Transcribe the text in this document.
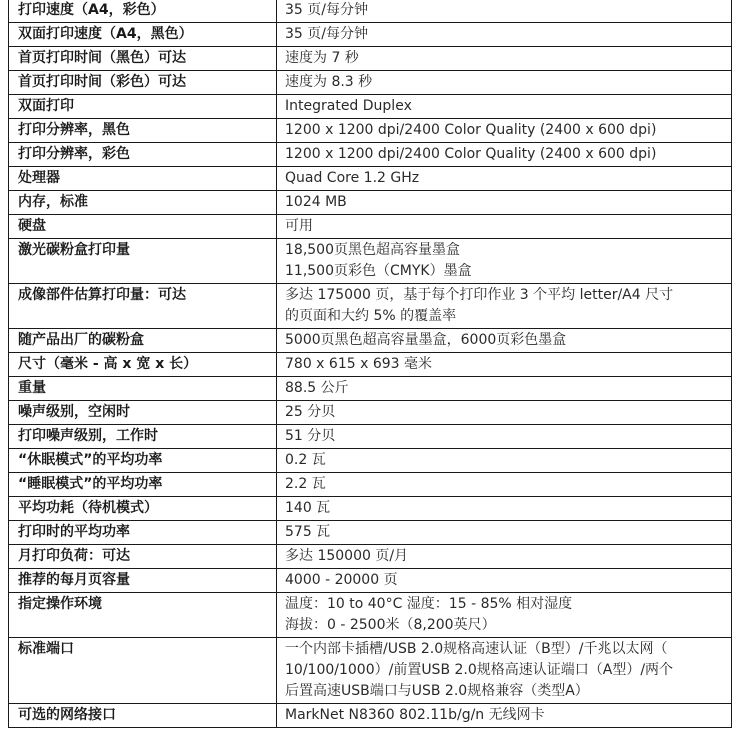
打印速度（A4，彩色）	35 页/每分钟
双面打印速度（A4，黑色）	35 页/每分钟
首页打印时间（黑色）可达	速度为 7 秒
首页打印时间（彩色）可达	速度为 8.3 秒
双面打印	Integrated Duplex
打印分辨率，黑色	1200 x 1200 dpi/2400 Color Quality (2400 x 600 dpi)
打印分辨率，彩色	1200 x 1200 dpi/2400 Color Quality (2400 x 600 dpi)
处理器	Quad Core 1.2 GHz
内存，标准	1024 MB
硬盘	可用
激光碳粉盒打印量	18,500页黑色超高容量墨盒
11,500页彩色（CMYK）墨盒
成像部件估算打印量：可达	多达 175000 页，基于每个打印作业 3 个平均 letter/A4 尺寸
的页面和大约 5% 的覆盖率
随产品出厂的碳粉盒	5000页黑色超高容量墨盒，6000页彩色墨盒
尺寸（毫米 - 高 x 宽 x 长）	780 x 615 x 693 毫米
重量	88.5 公斤
噪声级别，空闲时	25 分贝
打印噪声级别，工作时	51 分贝
“休眠模式”的平均功率	0.2 瓦
“睡眠模式”的平均功率	2.2 瓦
平均功耗（待机模式）	140 瓦
打印时的平均功率	575 瓦
月打印负荷：可达	多达 150000 页/月
推荐的每月页容量	4000 - 20000 页
指定操作环境	温度：10 to 40°C 湿度：15 - 85% 相对湿度
海拔：0 - 2500米（8,200英尺）
标准端口	一个内部卡插槽/USB 2.0规格高速认证（B型）/千兆以太网（
10/100/1000）/前置USB 2.0规格高速认证端口（A型）/两个
后置高速USB端口与USB 2.0规格兼容（类型A）
可选的网络接口	MarkNet N8360 802.11b/g/n 无线网卡
